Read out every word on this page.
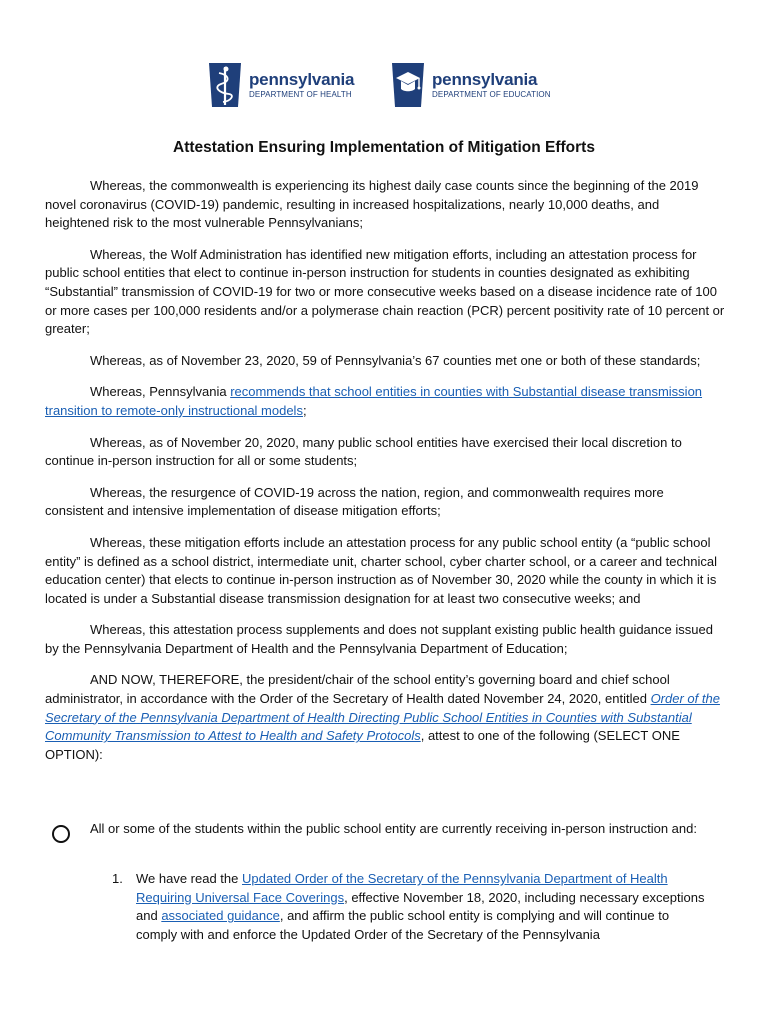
pennsylvania
DEPARTMENT OF HEALTH
pennsylvania
DEPARTMENT OF EDUCATION
Attestation Ensuring Implementation of Mitigation Efforts

Whereas, the commonwealth is experiencing its highest daily case counts since the beginning of the 2019 novel coronavirus (COVID-19) pandemic, resulting in increased hospitalizations, nearly 10,000 deaths, and heightened risk to the most vulnerable Pennsylvanians;

Whereas, the Wolf Administration has identified new mitigation efforts, including an attestation process for public school entities that elect to continue in-person instruction for students in counties designated as exhibiting “Substantial” transmission of COVID-19 for two or more consecutive weeks based on a disease incidence rate of 100 or more cases per 100,000 residents and/or a polymerase chain reaction (PCR) percent positivity rate of 10 percent or greater;

Whereas, as of November 23, 2020, 59 of Pennsylvania’s 67 counties met one or both of these standards;

Whereas, Pennsylvania recommends that school entities in counties with Substantial disease transmission transition to remote-only instructional models;

Whereas, as of November 20, 2020, many public school entities have exercised their local discretion to continue in-person instruction for all or some students;

Whereas, the resurgence of COVID-19 across the nation, region, and commonwealth requires more consistent and intensive implementation of disease mitigation efforts;

Whereas, these mitigation efforts include an attestation process for any public school entity (a “public school entity” is defined as a school district, intermediate unit, charter school, cyber charter school, or a career and technical education center) that elects to continue in-person instruction as of November 30, 2020 while the county in which it is located is under a Substantial disease transmission designation for at least two consecutive weeks; and

Whereas, this attestation process supplements and does not supplant existing public health guidance issued by the Pennsylvania Department of Health and the Pennsylvania Department of Education;

AND NOW, THEREFORE, the president/chair of the school entity’s governing board and chief school administrator, in accordance with the Order of the Secretary of Health dated November 24, 2020, entitled Order of the Secretary of the Pennsylvania Department of Health Directing Public School Entities in Counties with Substantial Community Transmission to Attest to Health and Safety Protocols, attest to one of the following (SELECT ONE OPTION):

All or some of the students within the public school entity are currently receiving in-person instruction and:
1. We have read the Updated Order of the Secretary of the Pennsylvania Department of Health Requiring Universal Face Coverings, effective November 18, 2020, including necessary exceptions and associated guidance, and affirm the public school entity is complying and will continue to comply with and enforce the Updated Order of the Secretary of the Pennsylvania
